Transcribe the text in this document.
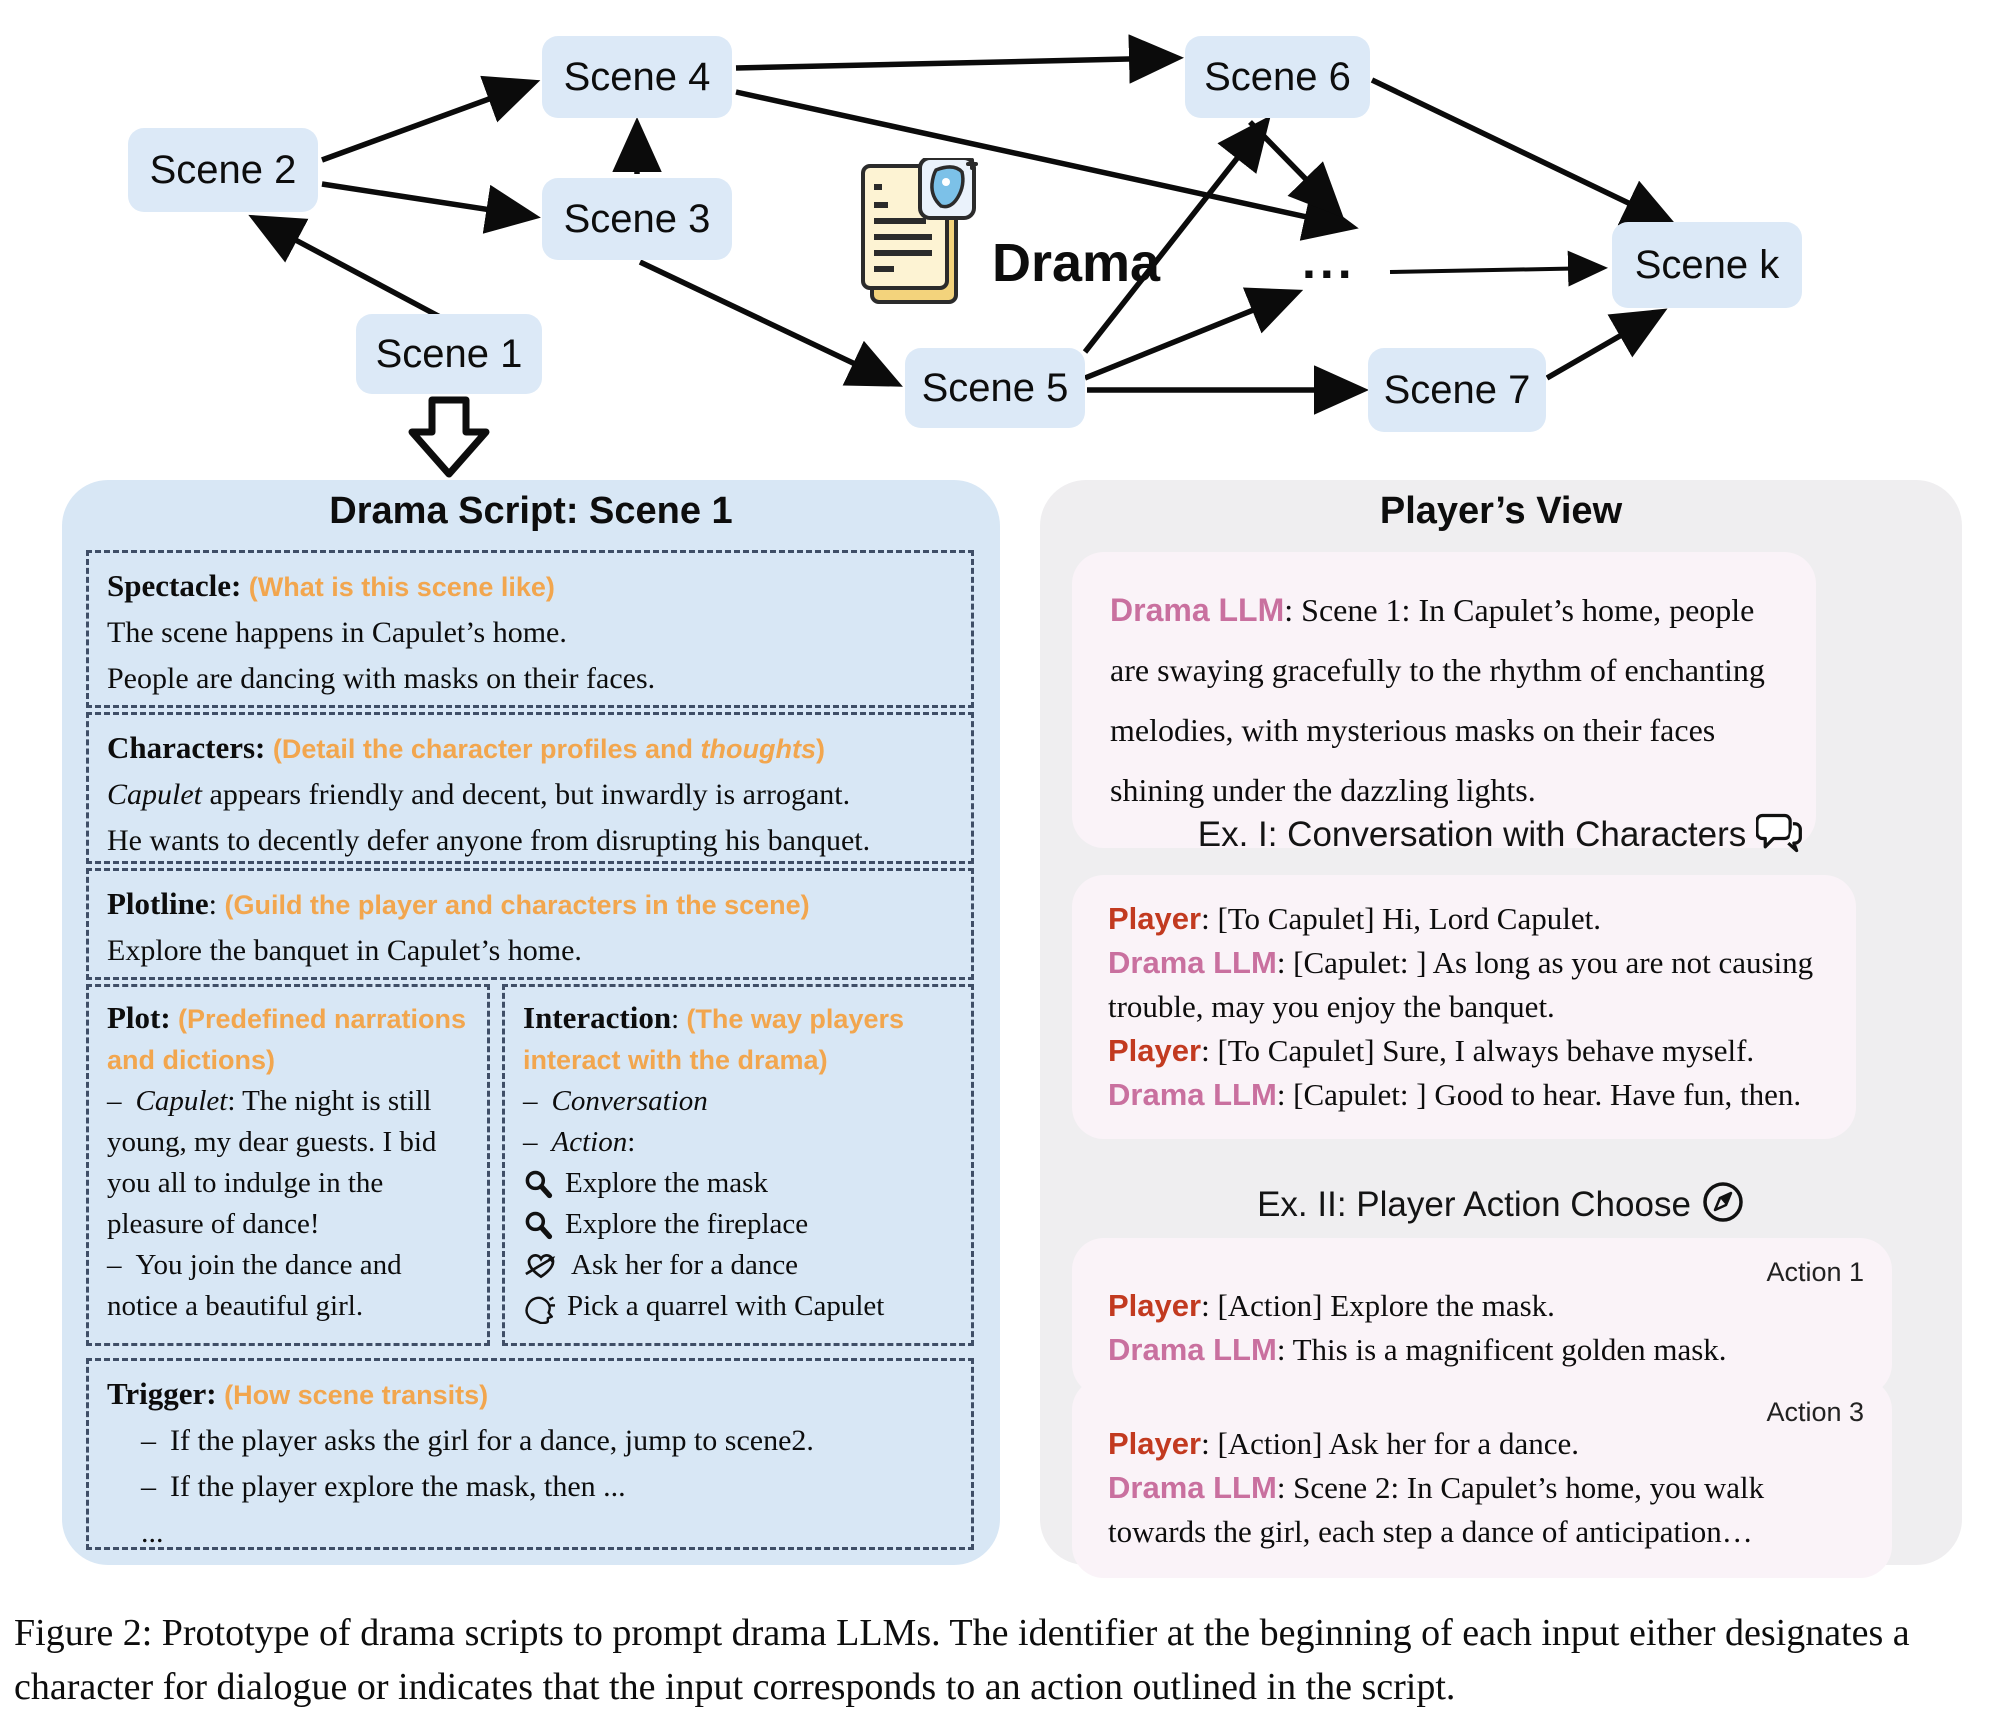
Scene 2
Scene 4
Scene 3
Scene 1
Scene 6
Scene 5	Scene 7
Scene k
...
Drama
Drama Script: Scene 1
Spectacle: (What is this scene like)
The scene happens in Capulet’s home.
People are dancing with masks on their faces.
Characters: (Detail the character profiles and thoughts)
Capulet appears friendly and decent, but inwardly is arrogant.
He wants to decently defer anyone from disrupting his banquet.
Plotline: (Guild the player and characters in the scene)
Explore the banquet in Capulet’s home.
Plot: (Predefined narrations and dictions)
– Capulet: The night is still young, my dear guests. I bid you all to indulge in the pleasure of dance!
– You join the dance and notice a beautiful girl.
Interaction: (The way players interact with the drama)
– Conversation
– Action:
Explore the mask
Explore the fireplace
Ask her for a dance
Pick a quarrel with Capulet
Trigger: (How scene transits)
– If the player asks the girl for a dance, jump to scene2.
– If the player explore the mask, then ...
...
Player’s View
Drama LLM: Scene 1: In Capulet’s home, people are swaying gracefully to the rhythm of enchanting melodies, with mysterious masks on their faces shining under the dazzling lights.
Ex. I: Conversation with Characters
Player: [To Capulet] Hi, Lord Capulet.
Drama LLM: [Capulet: ] As long as you are not causing trouble, may you enjoy the banquet.
Player: [To Capulet] Sure, I always behave myself.
Drama LLM: [Capulet: ] Good to hear. Have fun, then.
Ex. II: Player Action Choose
Action 1
Player: [Action] Explore the mask.
Drama LLM: This is a magnificent golden mask.
Action 3
Player: [Action] Ask her for a dance.
Drama LLM: Scene 2: In Capulet’s home, you walk towards the girl, each step a dance of anticipation…
Figure 2: Prototype of drama scripts to prompt drama LLMs. The identifier at the beginning of each input either designates a character for dialogue or indicates that the input corresponds to an action outlined in the script.
